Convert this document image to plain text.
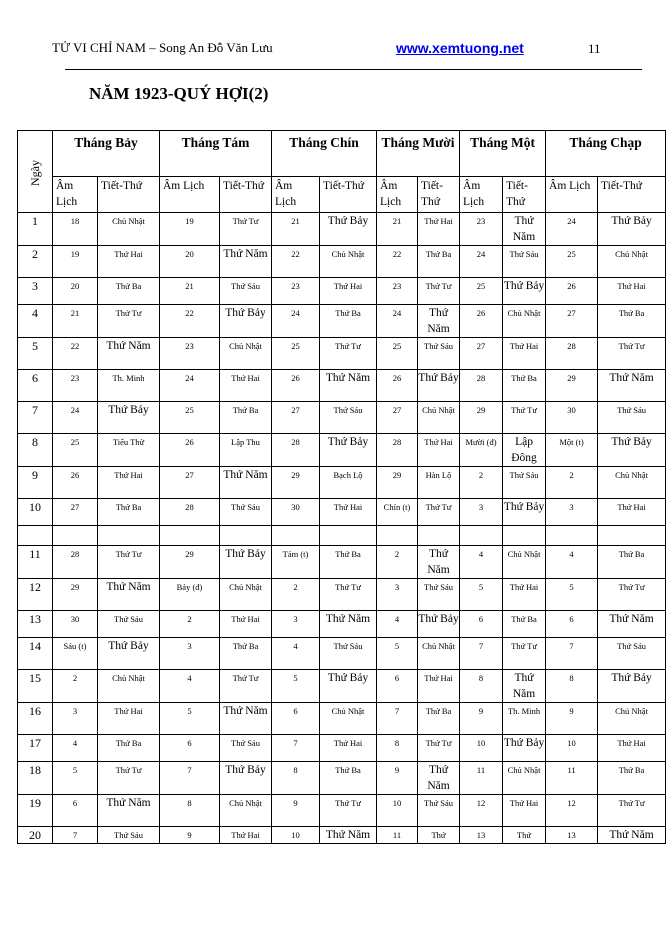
TỬ VI CHỈ NAM – Song An Đỗ Văn Lưu	www.xemtuong.net	11
NĂM 1923-QUÝ HỢI(2)
Ngày	Tháng Bảy		Tháng Tám		Tháng Chín		Tháng Mười		Tháng Một		Tháng Chạp	
	Âm Lịch	Tiết-Thứ	Âm Lịch	Tiết-Thứ	Âm Lịch	Tiết-Thứ	Âm Lịch	Tiết-Thứ	Âm Lịch	Tiết-Thứ	Âm Lịch	Tiết-Thứ
1	18	Chủ Nhật	19	Thứ Tư	21	Thứ Bảy	21	Thứ Hai	23	Thứ Năm	24	Thứ Bảy
2	19	Thứ Hai	20	Thứ Năm	22	Chủ Nhật	22	Thứ Ba	24	Thứ Sáu	25	Chủ Nhật
3	20	Thứ Ba	21	Thứ Sáu	23	Thứ Hai	23	Thứ Tư	25	Thứ Bảy	26	Thứ Hai
4	21	Thứ Tư	22	Thứ Bảy	24	Thứ Ba	24	Thứ Năm	26	Chủ Nhật	27	Thứ Ba
5	22	Thứ Năm	23	Chủ Nhật	25	Thứ Tư	25	Thứ Sáu	27	Thứ Hai	28	Thứ Tư
6	23	Th. Minh	24	Thứ Hai	26	Thứ Năm	26	Thứ Bảy	28	Thứ Ba	29	Thứ Năm
7	24	Thứ Bảy	25	Thứ Ba	27	Thứ Sáu	27	Chủ Nhật	29	Thứ Tư	30	Thứ Sáu
8	25	Tiểu Thử	26	Lập Thu	28	Thứ Bảy	28	Thứ Hai	Mười (đ)	Lập Đông	Một (t)	Thứ Bảy
9	26	Thứ Hai	27	Thứ Năm	29	Bạch Lộ	29	Hàn Lộ	2	Thứ Sáu	2	Chủ Nhật
10	27	Thứ Ba	28	Thứ Sáu	30	Thứ Hai	Chín (t)	Thứ Tư	3	Thứ Bảy	3	Thứ Hai

11	28	Thứ Tư	29	Thứ Bảy	Tám (t)	Thứ Ba	2	Thứ Năm	4	Chủ Nhật	4	Thứ Ba
12	29	Thứ Năm	Bảy (đ)	Chủ Nhật	2	Thứ Tư	3	Thứ Sáu	5	Thứ Hai	5	Thứ Tư
13	30	Thứ Sáu	2	Thứ Hai	3	Thứ Năm	4	Thứ Bảy	6	Thứ Ba	6	Thứ Năm
14	Sáu (t)	Thứ Bảy	3	Thứ Ba	4	Thứ Sáu	5	Chủ Nhật	7	Thứ Tư	7	Thứ Sáu
15	2	Chủ Nhật	4	Thứ Tư	5	Thứ Bảy	6	Thứ Hai	8	Thứ Năm	8	Thứ Bảy
16	3	Thứ Hai	5	Thứ Năm	6	Chủ Nhật	7	Thứ Ba	9	Th. Minh	9	Chủ Nhật
17	4	Thứ Ba	6	Thứ Sáu	7	Thứ Hai	8	Thứ Tư	10	Thứ Bảy	10	Thứ Hai
18	5	Thứ Tư	7	Thứ Bảy	8	Thứ Ba	9	Thứ Năm	11	Chủ Nhật	11	Thứ Ba
19	6	Thứ Năm	8	Chủ Nhật	9	Thứ Tư	10	Thứ Sáu	12	Thứ Hai	12	Thứ Tư
20	7	Thứ Sáu	9	Thứ Hai	10	Thứ Năm	11	Thứ	13	Thứ	13	Thứ Năm
